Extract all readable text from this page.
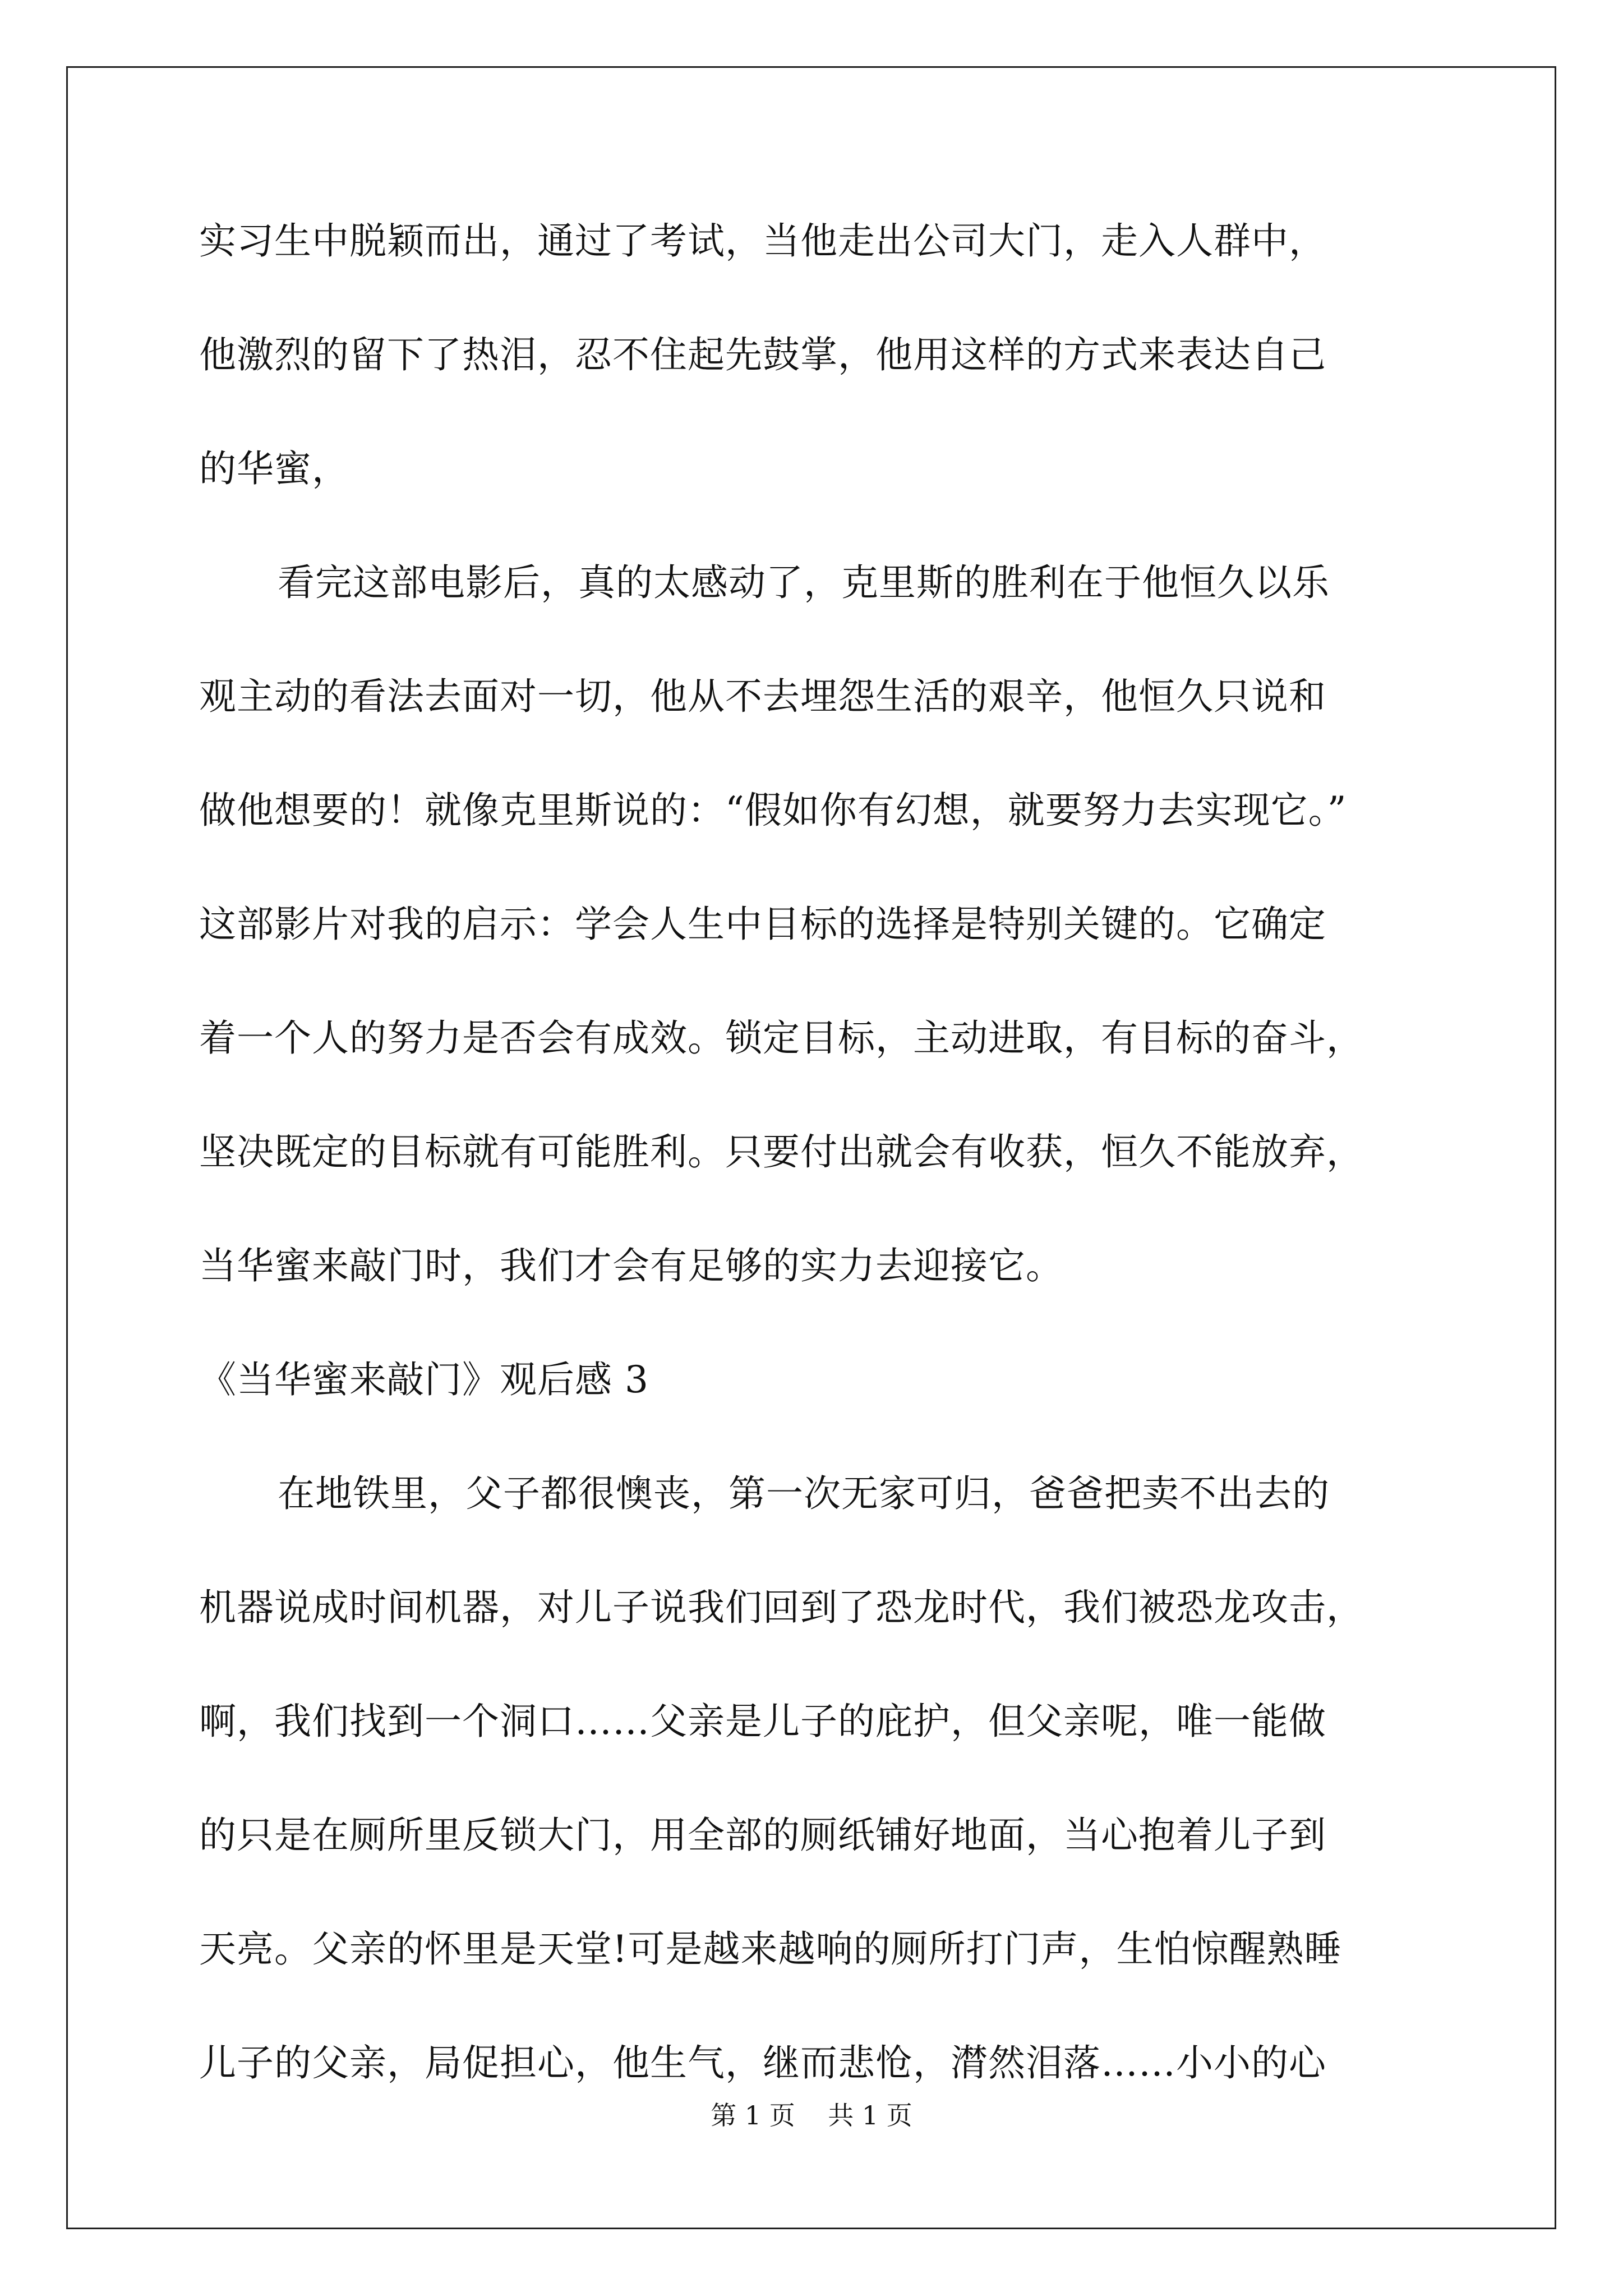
实习生中脱颖而出，通过了考试，当他走出公司大门，走入人群中，
他激烈的留下了热泪，忍不住起先鼓掌，他用这样的方式来表达自己
的华蜜，
看完这部电影后，真的太感动了，克里斯的胜利在于他恒久以乐
观主动的看法去面对一切，他从不去埋怨生活的艰辛，他恒久只说和
做他想要的！就像克里斯说的：“假如你有幻想，就要努力去实现它。”
这部影片对我的启示：学会人生中目标的选择是特别关键的。它确定
着一个人的努力是否会有成效。锁定目标，主动进取，有目标的奋斗，
坚决既定的目标就有可能胜利。只要付出就会有收获，恒久不能放弃，
当华蜜来敲门时，我们才会有足够的实力去迎接它。
《当华蜜来敲门》观后感 3
在地铁里，父子都很懊丧，第一次无家可归，爸爸把卖不出去的
机器说成时间机器，对儿子说我们回到了恐龙时代，我们被恐龙攻击，
啊，我们找到一个洞口……父亲是儿子的庇护，但父亲呢，唯一能做
的只是在厕所里反锁大门，用全部的厕纸铺好地面，当心抱着儿子到
天亮。父亲的怀里是天堂!可是越来越响的厕所打门声，生怕惊醒熟睡
儿子的父亲，局促担心，他生气，继而悲怆，潸然泪落……小小的心
第 1 页    共 1 页
